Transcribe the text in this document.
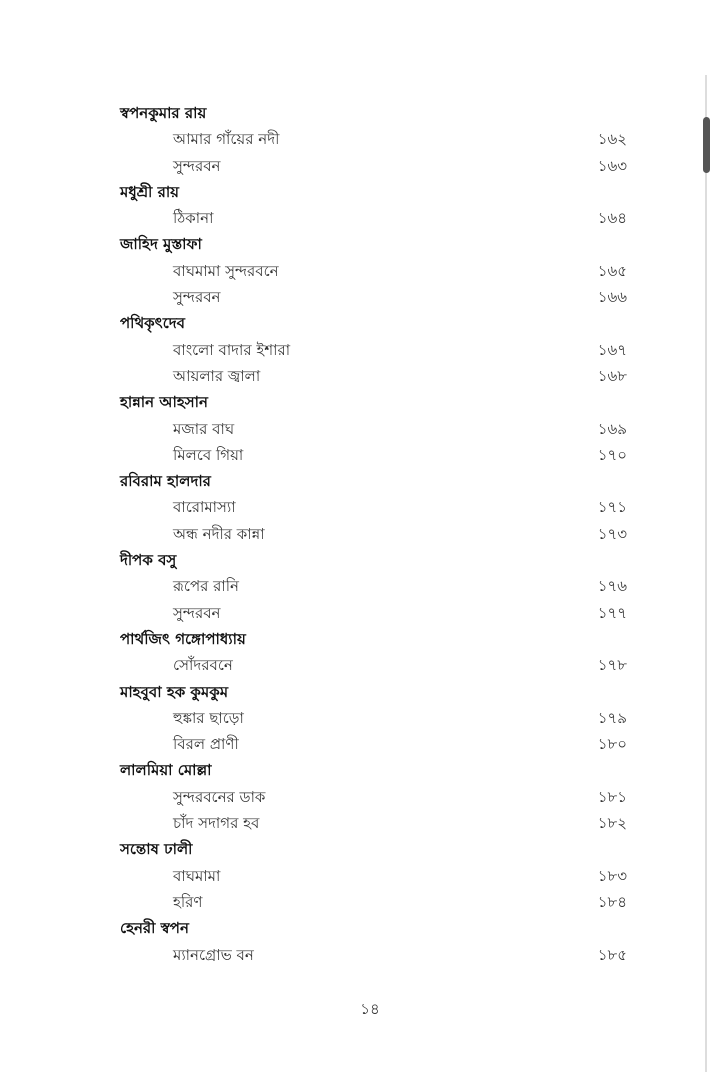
স্বপনকুমার রায়
আমার গাঁয়ের নদী	১৬২
সুন্দরবন	১৬৩
মধুশ্রী রায়
ঠিকানা	১৬৪
জাহিদ মুস্তাফা
বাঘমামা সুন্দরবনে	১৬৫
সুন্দরবন	১৬৬
পথিকৃৎদেব
বাংলো বাদার ইশারা	১৬৭
আয়লার জ্বালা	১৬৮
হান্নান আহসান
মজার বাঘ	১৬৯
মিলবে গিয়া	১৭০
রবিরাম হালদার
বারোমাস্যা	১৭১
অন্ধ নদীর কান্না	১৭৩
দীপক বসু
রূপের রানি	১৭৬
সুন্দরবন	১৭৭
পার্থজিৎ গঙ্গোপাধ্যায়
সোঁদরবনে	১৭৮
মাহবুবা হক কুমকুম
হুঙ্কার ছাড়ো	১৭৯
বিরল প্রাণী	১৮০
লালমিয়া মোল্লা
সুন্দরবনের ডাক	১৮১
চাঁদ সদাগর হব	১৮২
সন্তোষ ঢালী
বাঘমামা	১৮৩
হরিণ	১৮৪
হেনরী স্বপন
ম্যানগ্রোভ বন	১৮৫
১৪
